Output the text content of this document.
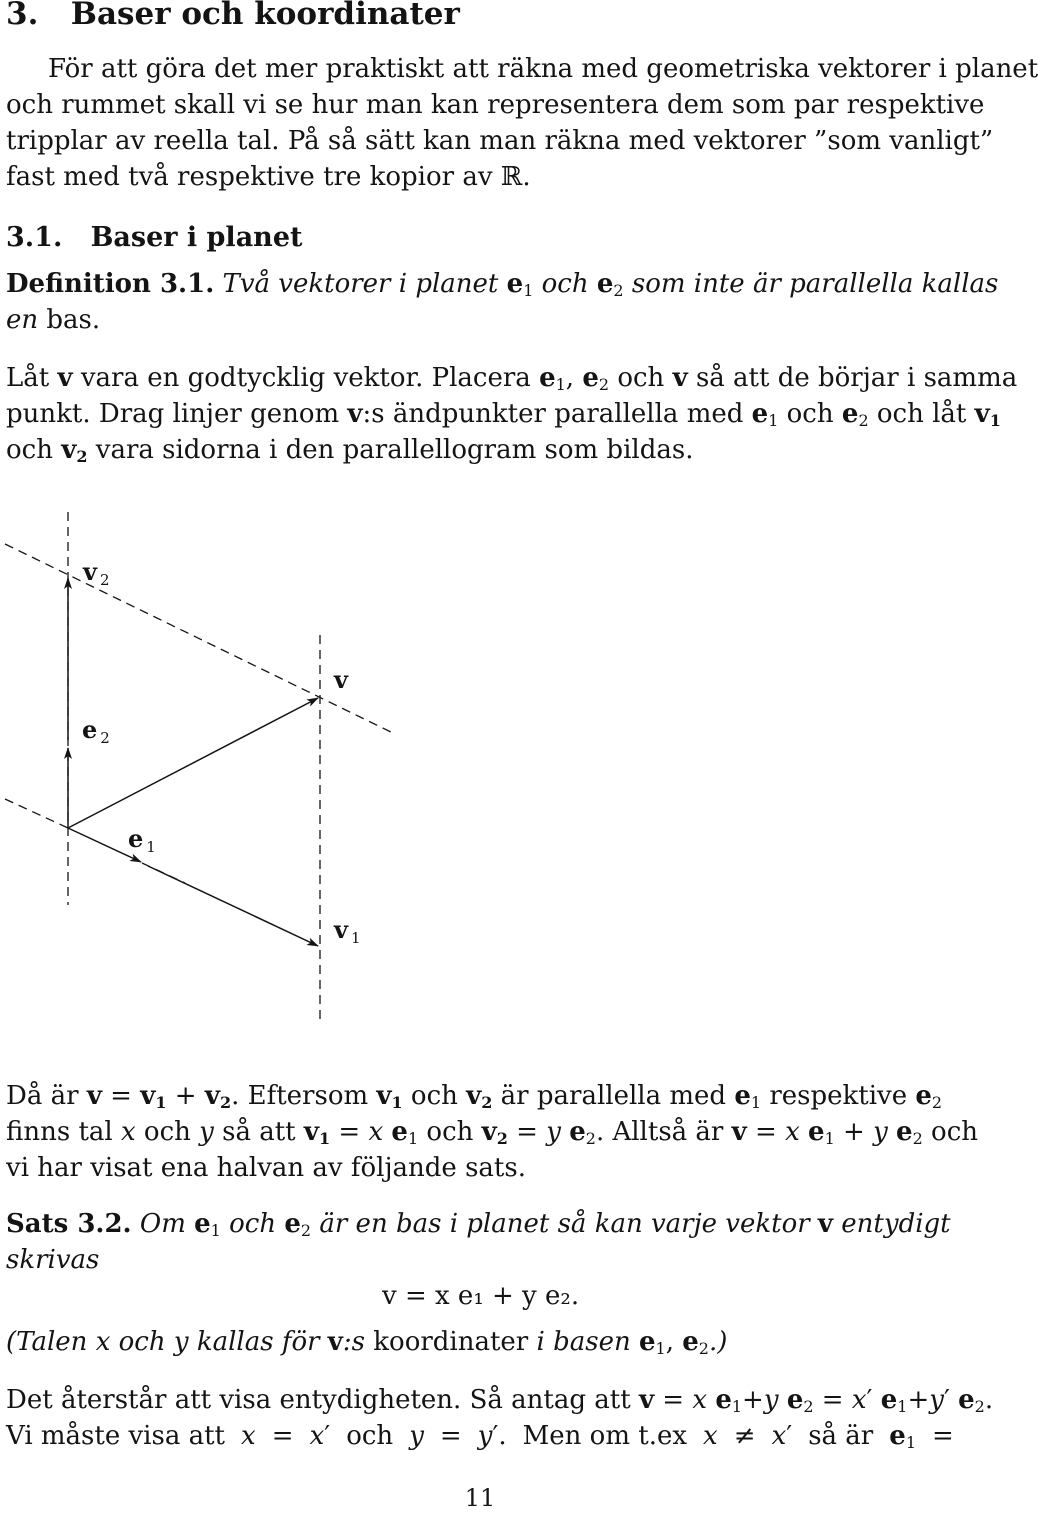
3. Baser och koordinater
För att göra det mer praktiskt att räkna med geometriska vektorer i planet
och rummet skall vi se hur man kan representera dem som par respektive
tripplar av reella tal. På så sätt kan man räkna med vektorer ”som vanligt”
fast med två respektive tre kopior av ℝ.
3.1. Baser i planet
Definition 3.1. Två vektorer i planet $e_1$ och $e_2$ som inte är parallella kallas
en bas.
Låt v vara en godtycklig vektor. Placera $e_1$, $e_2$ och v så att de börjar i samma
punkt. Drag linjer genom v:s ändpunkter parallella med $e_1$ och $e_2$ och låt $v_1$
och $v_2$ vara sidorna i den parallellogram som bildas.
v $_2$
v
e $_2$
e $_1$
v $_1$
Då är $v = v_1 + v_2$. Eftersom $v_1$ och $v_2$ är parallella med $e_1$ respektive $e_2$
finns tal x och y så att $v_1 = x$ $e_1$ och $v_2 = y$ $e_2$. Alltså är v = x $e_1 + y$ $e_2$ och
vi har visat ena halvan av följande sats.
Sats 3.2. Om $e_1$ och $e_2$ är en bas i planet så kan varje vektor v entydigt
skrivas
v = x e₁ + y e₂.
(Talen x och y kallas för v:s koordinater i basen $e_1$, $e_2$.)
Det återstår att visa entydigheten. Så antag att v = x $e_1+y$ $e_2 = x'$ $e_1+y'$ $e_2$.
Vi måste visa att x = x′ och y = y′. Men om t.ex x ≠ x′ så är $e_1$ =
11
